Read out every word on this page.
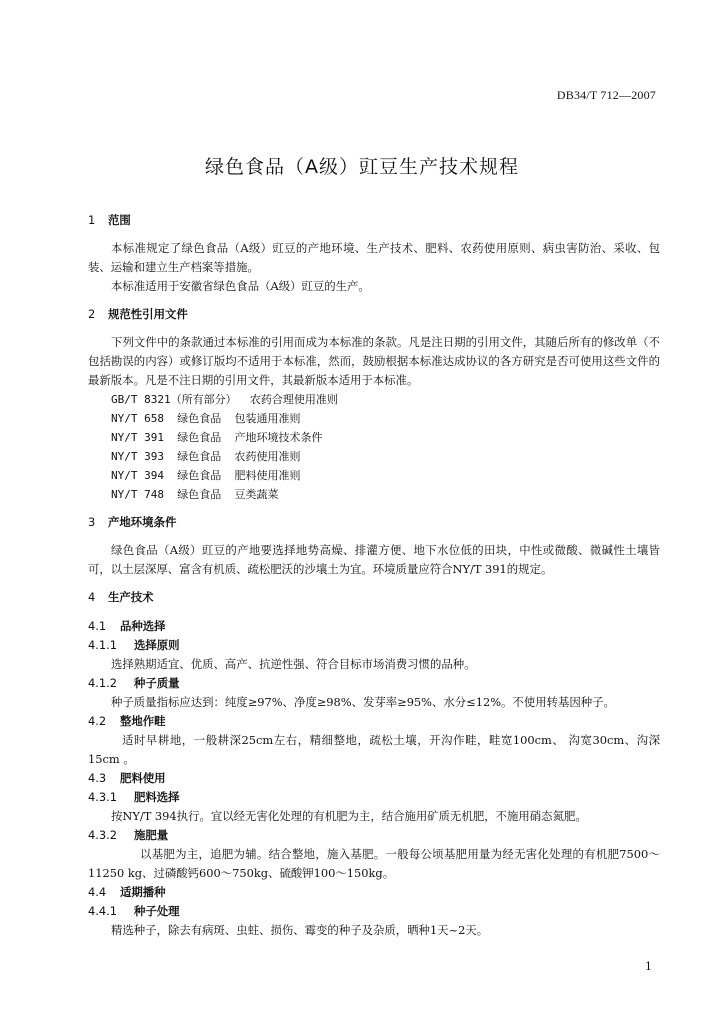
DB34/T 712—2007
绿色食品（A级）豇豆生产技术规程
1 范围

本标准规定了绿色食品（A级）豇豆的产地环境、生产技术、肥料、农药使用原则、病虫害防治、采收、包装、运输和建立生产档案等措施。

本标准适用于安徽省绿色食品（A级）豇豆的生产。

2 规范性引用文件

下列文件中的条款通过本标准的引用而成为本标准的条款。凡是注日期的引用文件，其随后所有的修改单（不包括勘误的内容）或修订版均不适用于本标准，然而，鼓励根据本标准达成协议的各方研究是否可使用这些文件的最新版本。凡是不注日期的引用文件，其最新版本适用于本标准。

GB/T 8321（所有部分）  农药合理使用准则

NY/T 658  绿色食品  包装通用准则

NY/T 391  绿色食品  产地环境技术条件

NY/T 393  绿色食品  农药使用准则

NY/T 394  绿色食品  肥料使用准则

NY/T 748  绿色食品  豆类蔬菜

3 产地环境条件

绿色食品（A级）豇豆的产地要选择地势高燥、排灌方便、地下水位低的田块，中性或微酸、微碱性土壤皆可，以土层深厚、富含有机质、疏松肥沃的沙壤土为宜。环境质量应符合NY/T 391的规定。

4 生产技术
4.1 品种选择
4.1.1 选择原则

选择熟期适宜、优质、高产、抗逆性强、符合目标市场消费习惯的品种。

4.1.2 种子质量

种子质量指标应达到：纯度≥97%、净度≥98%、发芽率≥95%、水分≤12%。不使用转基因种子。

4.2 整地作畦

适时早耕地，一般耕深25cm左右，精细整地，疏松土壤，开沟作畦，畦宽100cm、 沟宽30cm、沟深15cm 。

4.3 肥料使用
4.3.1 肥料选择

按NY/T 394执行。宜以经无害化处理的有机肥为主，结合施用矿质无机肥，不施用硝态氮肥。

4.3.2 施肥量

以基肥为主，追肥为辅。结合整地，施入基肥。一般每公顷基肥用量为经无害化处理的有机肥7500～11250 kg、过磷酸钙600～750kg、硫酸钾100～150kg。

4.4 适期播种
4.4.1 种子处理

精选种子，除去有病斑、虫蛀、损伤、霉变的种子及杂质，晒种1天~2天。

1
